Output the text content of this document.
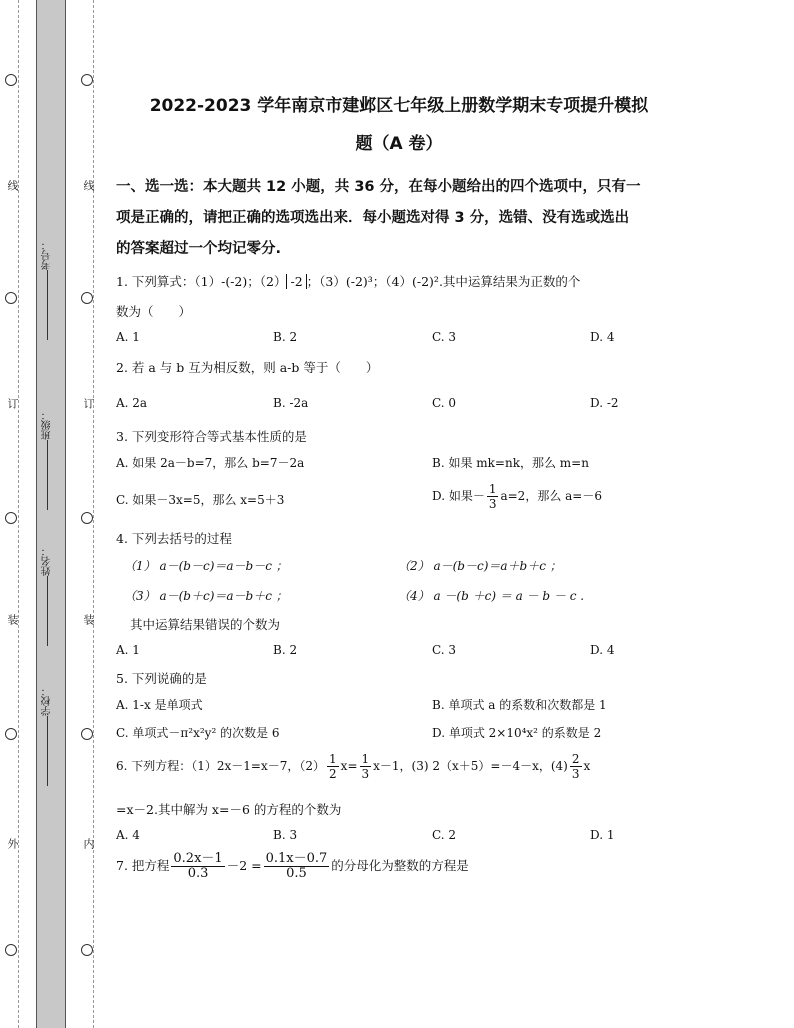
线
订
装
外
线
订
装
内
考号：
班级：
姓名：
学校：
2022-2023 学年南京市建邺区七年级上册数学期末专项提升模拟
题（A 卷）
一、选一选：本大题共 12 小题，共 36 分，在每小题给出的四个选项中，只有一
项是正确的，请把正确的选项选出来．每小题选对得 3 分，选错、没有选或选出
的答案超过一个均记零分.
1. 下列算式：（1）-(-2)；（2） -2 ；（3）(-2)³；（4）(-2)².其中运算结果为正数的个
数为（　　）
A. 1	B. 2	C. 3	D. 4
2. 若 a 与 b 互为相反数，则 a-b 等于（　　）
A. 2a	B. -2a	C. 0	D. -2
3. 下列变形符合等式基本性质的是
A. 如果 2a－b=7，那么 b=7－2a	B. 如果 mk=nk，那么 m=n
C. 如果－3x=5，那么 x=5＋3	D. 如果－ $\frac{1}{3} a=2$，那么 a=－6
4. 下列去括号的过程
（1） a－(b－c)＝a－b－c ；	（2） a－(b－c)＝a＋b＋c ；
（3） a－(b＋c)＝a－b＋c ；	（4） a －(b ＋c) ＝ a － b － c .
其中运算结果错误的个数为
A. 1	B. 2	C. 3	D. 4
5. 下列说确的是
A. 1-x 是单项式	B. 单项式 a 的系数和次数都是 1
C. 单项式－π²x²y² 的次数是 6	D. 单项式 2×10⁴x² 的系数是 2
6. 下列方程：（1）2x－1=x－7，$(2) \frac{1}{2} x= \frac{1}{3} x-1$，(3) 2（x＋5）=－4－x，$(4) \frac{2}{3}$ x
=x－2.其中解为 x=－6 的方程的个数为
A. 4	B. 3	C. 2	D. 1
7. 把方程 $\frac{0.2x-1}{0.3} -2 = \frac{0.1x-0.7}{0.5}$ 的分母化为整数的方程是
